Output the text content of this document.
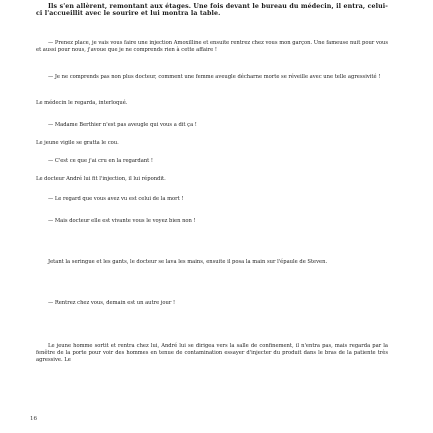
Ils s'en allèrent, remontant aux étages. Une fois devant le bureau du médecin, il entra, celui-ci l'accueillit avec le sourire et lui montra la table.

— Prenez place, je vais vous faire une injection Amoxilline et ensuite rentrez chez vous mon garçon. Une fameuse nuit pour vous et aussi pour nous, j'avoue que je ne comprends rien à cette affaire !

— Je ne comprends pas non plus docteur, comment une femme aveugle décharne morte se réveille avec une telle agressivité !

Le médecin le regarda, interloqué.

— Madame Berthier n'est pas aveugle qui vous a dit ça !

Le jeune vigile se gratta le cou.

— C'est ce que j'ai cru en la regardant !

Le docteur André lui fit l'injection, il lui répondit.

— Le regard que vous avez vu est celui de la mort !

— Mais docteur elle est vivante vous le voyez bien non !

Jetant la seringue et les gants, le docteur se lava les mains, ensuite il posa la main sur l'épaule de Steven.

— Rentrez chez vous, demain est un autre jour !

Le jeune homme sortit et rentra chez lui, André lui se dirigea vers la salle de confinement, il n'entra pas, mais regarda par la fenêtre de la porte pour voir des hommes en tenue de contamination essayer d'injecter du produit dans le bras de la patiente très agressive. Le

16
